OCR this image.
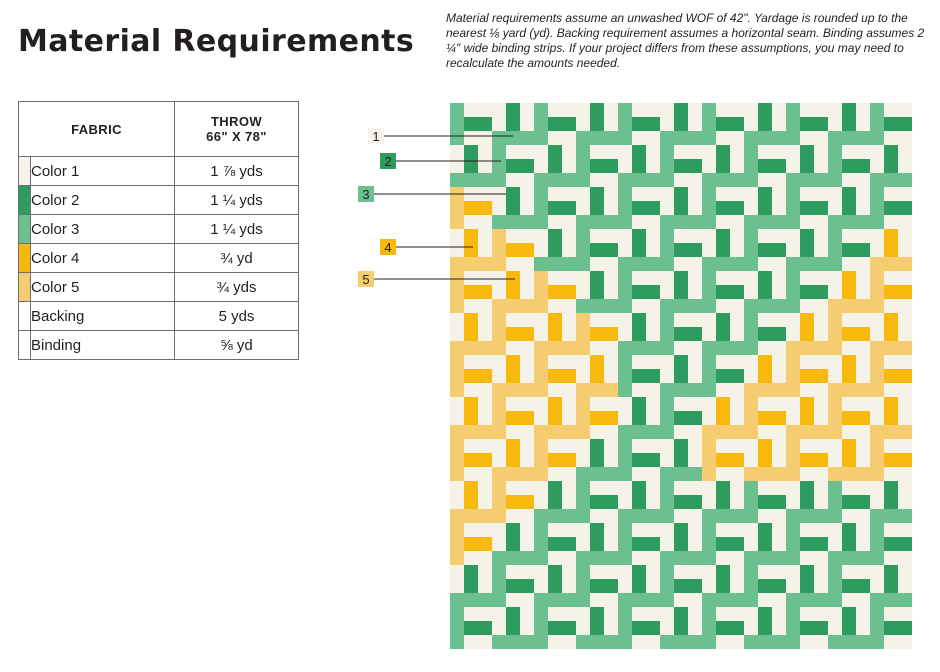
Material Requirements
Material requirements assume an unwashed WOF of 42". Yardage is rounded up to the nearest ⅛ yard (yd). Backing requirement assumes a horizontal seam. Binding assumes 2 ¼" wide binding strips. If your project differs from these assumptions, you may need to recalculate the amounts needed.
FABRIC		THROW
66" X 78"
	Color 1	1 ⅞ yds
	Color 2	1 ¼ yds
	Color 3	1 ¼ yds
	Color 4	¾ yd
	Color 5	¾ yds
	Backing	5 yds
	Binding	⅝ yd
1
2
3
4
5
